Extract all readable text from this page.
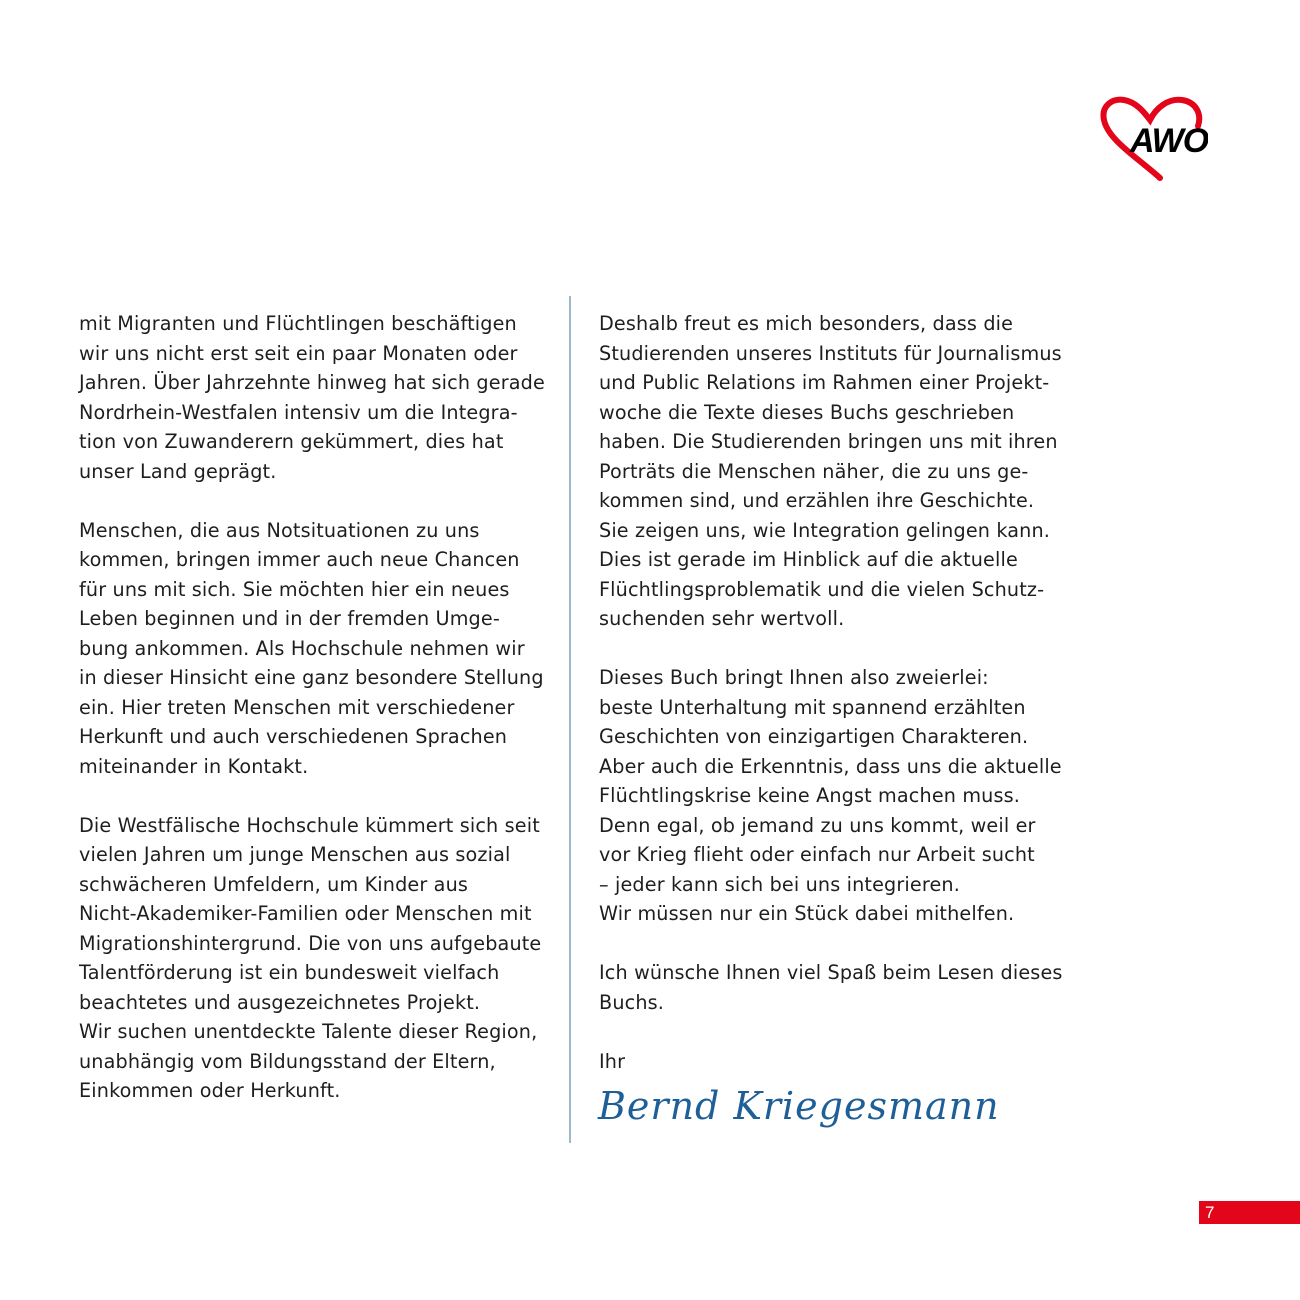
AWO

mit Migranten und Flüchtlingen beschäftigen
wir uns nicht erst seit ein paar Monaten oder
Jahren. Über Jahrzehnte hinweg hat sich gerade
Nordrhein-Westfalen intensiv um die Integra-
tion von Zuwanderern gekümmert, dies hat
unser Land geprägt.

Menschen, die aus Notsituationen zu uns
kommen, bringen immer auch neue Chancen
für uns mit sich. Sie möchten hier ein neues
Leben beginnen und in der fremden Umge-
bung ankommen. Als Hochschule nehmen wir
in dieser Hinsicht eine ganz besondere Stellung
ein. Hier treten Menschen mit verschiedener
Herkunft und auch verschiedenen Sprachen
miteinander in Kontakt.

Die Westfälische Hochschule kümmert sich seit
vielen Jahren um junge Menschen aus sozial
schwächeren Umfeldern, um Kinder aus
Nicht-Akademiker-Familien oder Menschen mit
Migrationshintergrund. Die von uns aufgebaute
Talentförderung ist ein bundesweit vielfach
beachtetes und ausgezeichnetes Projekt.
Wir suchen unentdeckte Talente dieser Region,
unabhängig vom Bildungsstand der Eltern,
Einkommen oder Herkunft.

Deshalb freut es mich besonders, dass die
Studierenden unseres Instituts für Journalismus
und Public Relations im Rahmen einer Projekt-
woche die Texte dieses Buchs geschrieben
haben. Die Studierenden bringen uns mit ihren
Porträts die Menschen näher, die zu uns ge-
kommen sind, und erzählen ihre Geschichte.
Sie zeigen uns, wie Integration gelingen kann.
Dies ist gerade im Hinblick auf die aktuelle
Flüchtlingsproblematik und die vielen Schutz-
suchenden sehr wertvoll.

Dieses Buch bringt Ihnen also zweierlei:
beste Unterhaltung mit spannend erzählten
Geschichten von einzigartigen Charakteren.
Aber auch die Erkenntnis, dass uns die aktuelle
Flüchtlingskrise keine Angst machen muss.
Denn egal, ob jemand zu uns kommt, weil er
vor Krieg flieht oder einfach nur Arbeit sucht
– jeder kann sich bei uns integrieren.
Wir müssen nur ein Stück dabei mithelfen.

Ich wünsche Ihnen viel Spaß beim Lesen dieses
Buchs.

Ihr

Bernd Kriegesmann
7
